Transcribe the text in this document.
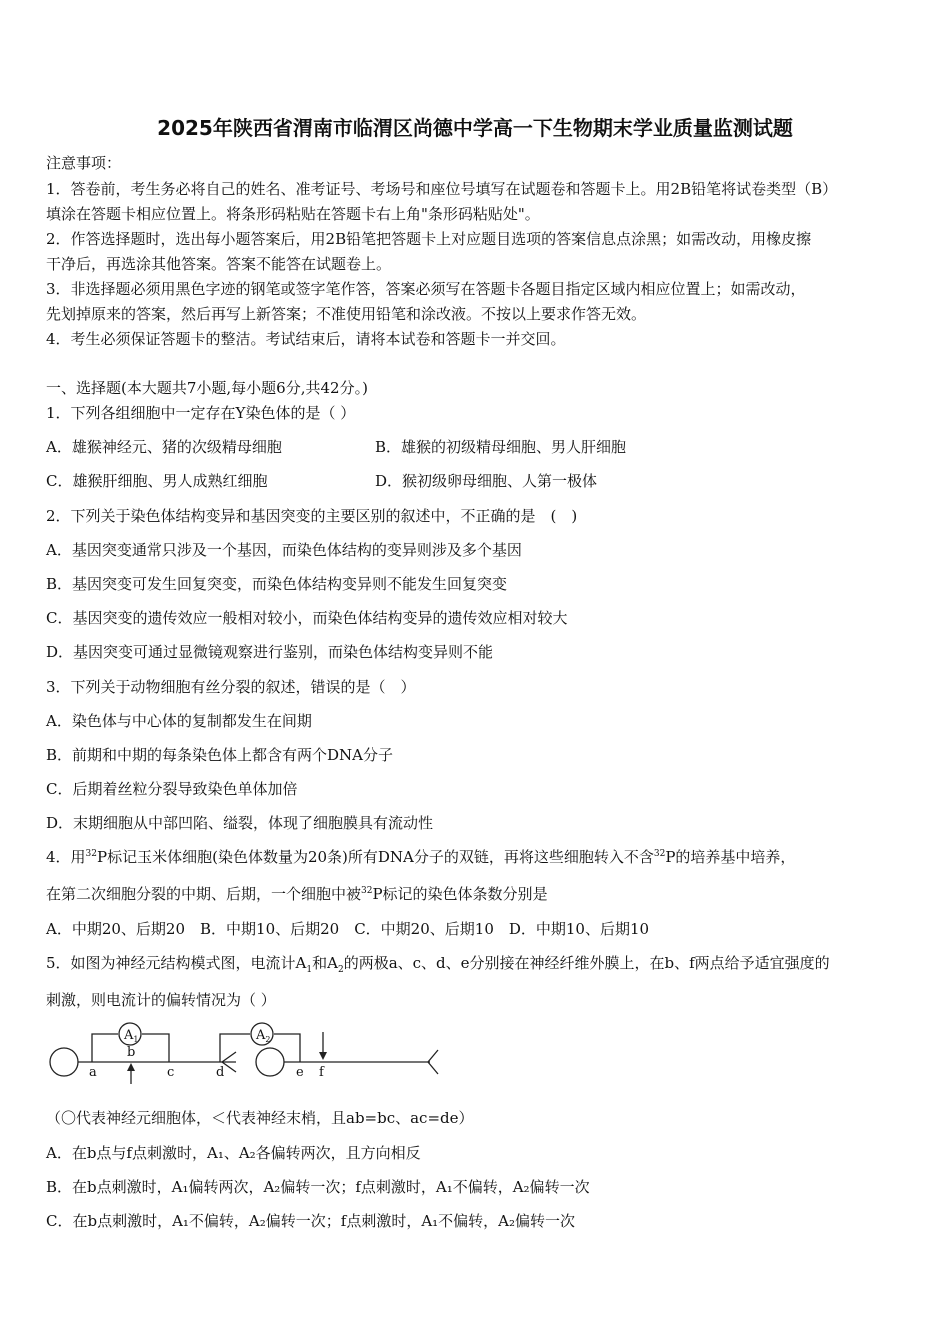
2025年陕西省渭南市临渭区尚德中学高一下生物期末学业质量监测试题
注意事项：
1．答卷前，考生务必将自己的姓名、准考证号、考场号和座位号填写在试题卷和答题卡上。用2B铅笔将试卷类型（B）
填涂在答题卡相应位置上。将条形码粘贴在答题卡右上角"条形码粘贴处"。
2．作答选择题时，选出每小题答案后，用2B铅笔把答题卡上对应题目选项的答案信息点涂黑；如需改动，用橡皮擦
干净后，再选涂其他答案。答案不能答在试题卷上。
3．非选择题必须用黑色字迹的钢笔或签字笔作答，答案必须写在答题卡各题目指定区域内相应位置上；如需改动，
先划掉原来的答案，然后再写上新答案；不准使用铅笔和涂改液。不按以上要求作答无效。
4．考生必须保证答题卡的整洁。考试结束后，请将本试卷和答题卡一并交回。
一、选择题(本大题共7小题,每小题6分,共42分。)
1．下列各组细胞中一定存在Y染色体的是（ ）
A．雄猴神经元、猪的次级精母细胞	B．雄猴的初级精母细胞、男人肝细胞
C．雄猴肝细胞、男人成熟红细胞	D．猴初级卵母细胞、人第一极体
2．下列关于染色体结构变异和基因突变的主要区别的叙述中，不正确的是　(　)
A．基因突变通常只涉及一个基因，而染色体结构的变异则涉及多个基因
B．基因突变可发生回复突变，而染色体结构变异则不能发生回复突变
C．基因突变的遗传效应一般相对较小，而染色体结构变异的遗传效应相对较大
D．基因突变可通过显微镜观察进行鉴别，而染色体结构变异则不能
3．下列关于动物细胞有丝分裂的叙述，错误的是（　）
A．染色体与中心体的复制都发生在间期
B．前期和中期的每条染色体上都含有两个DNA分子
C．后期着丝粒分裂导致染色单体加倍
D．末期细胞从中部凹陷、缢裂，体现了细胞膜具有流动性
4．用$^{32}$P标记玉米体细胞(染色体数量为20条)所有DNA分子的双链，再将这些细胞转入不含$^{32}$P的培养基中培养，
在第二次细胞分裂的中期、后期，一个细胞中被$^{32}$P标记的染色体条数分别是
A．中期20、后期20　B．中期10、后期20　C．中期20、后期10　D．中期10、后期10
5．如图为神经元结构模式图，电流计$A_1$和$A_2$的两极a、c、d、e分别接在神经纤维外膜上，在b、f两点给予适宜强度的
刺激，则电流计的偏转情况为（ ）
$A_1$	$A_2$
a
b
c	d	e f
（〇代表神经元细胞体，＜代表神经末梢，且ab=bc、ac=de）
A．在b点与f点刺激时，A₁、A₂各偏转两次，且方向相反
B．在b点刺激时，A₁偏转两次，A₂偏转一次；f点刺激时，A₁不偏转，A₂偏转一次
C．在b点刺激时，A₁不偏转，A₂偏转一次；f点刺激时，A₁不偏转，A₂偏转一次
